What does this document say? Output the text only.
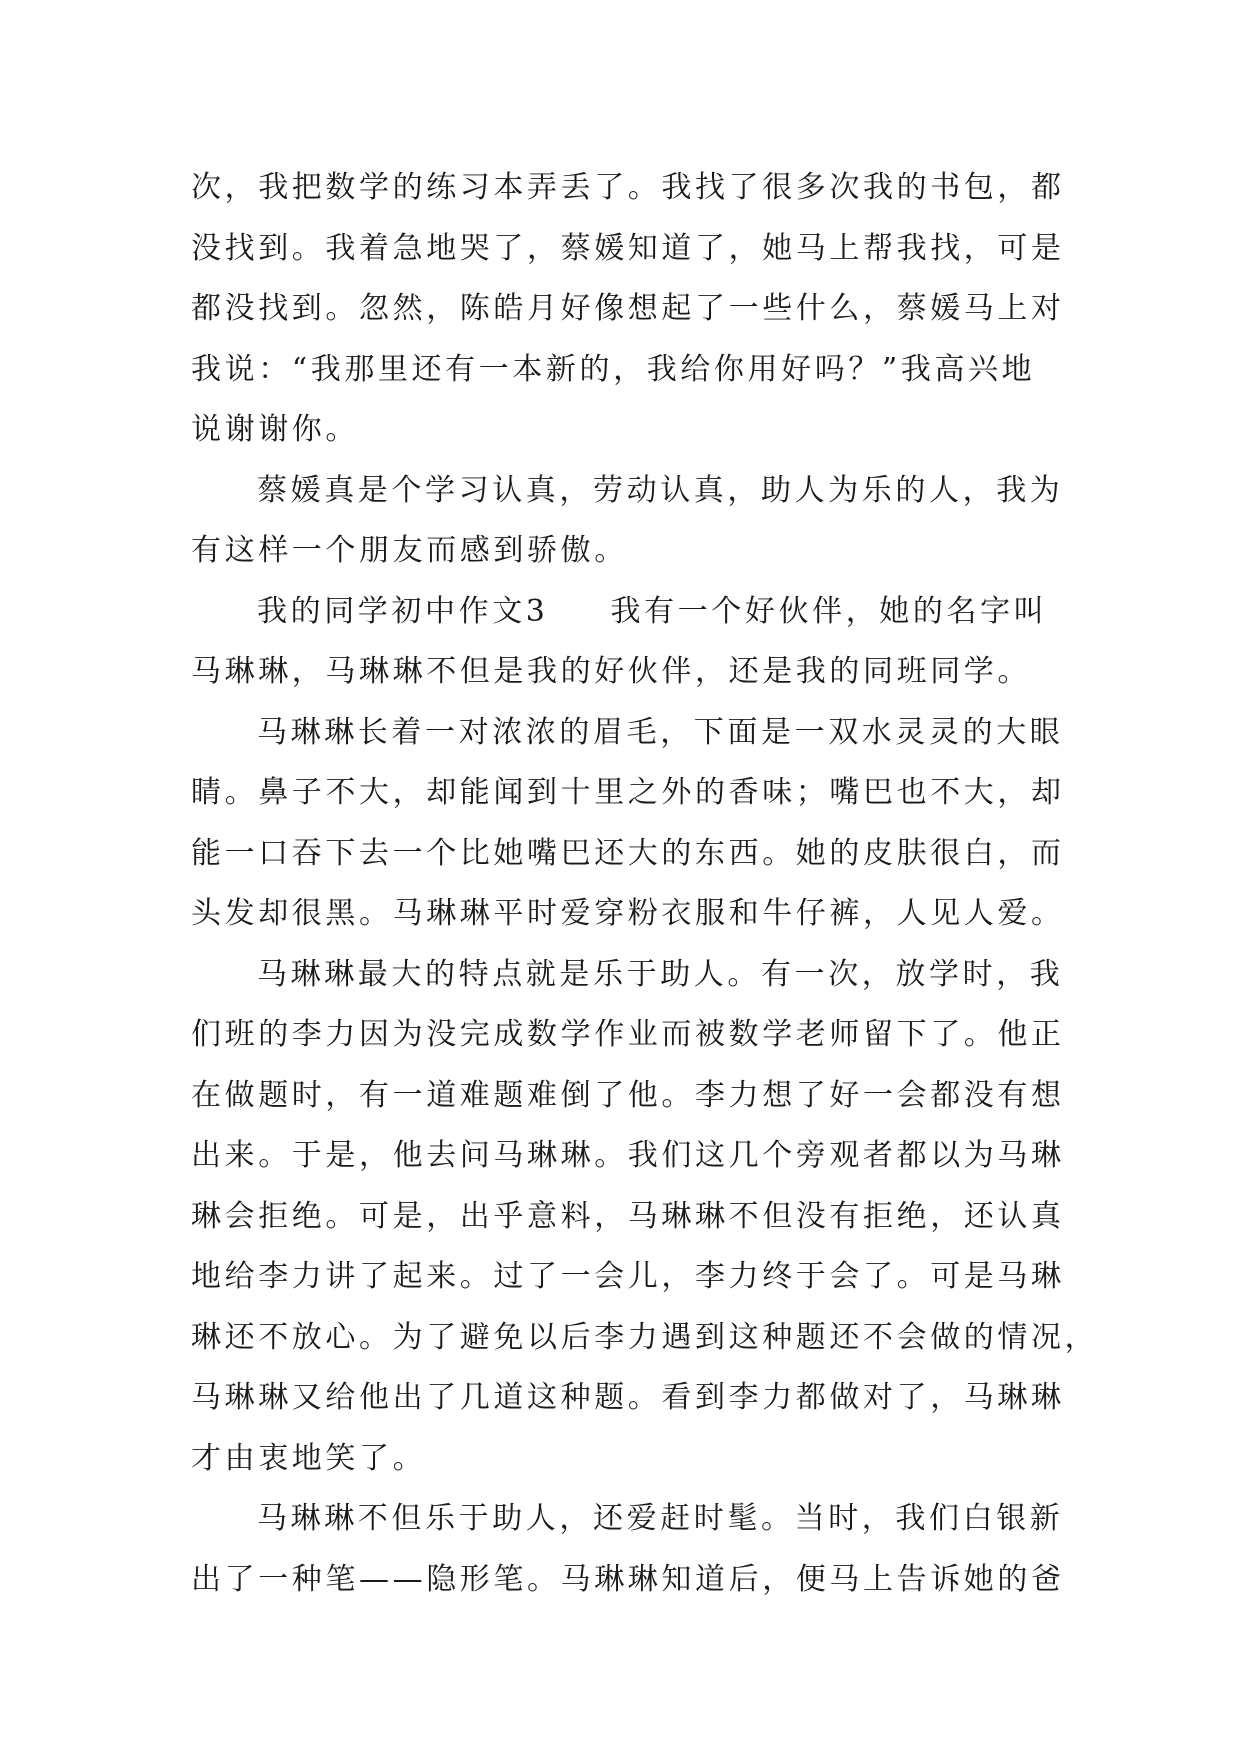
次，我把数学的练习本弄丢了。我找了很多次我的书包，都
没找到。我着急地哭了，蔡媛知道了，她马上帮我找，可是
都没找到。忽然，陈皓月好像想起了一些什么，蔡媛马上对
我说：“我那里还有一本新的，我给你用好吗？”我高兴地
说谢谢你。
蔡媛真是个学习认真，劳动认真，助人为乐的人，我为
有这样一个朋友而感到骄傲。
我的同学初中作文3 我有一个好伙伴，她的名字叫
马琳琳，马琳琳不但是我的好伙伴，还是我的同班同学。
马琳琳长着一对浓浓的眉毛，下面是一双水灵灵的大眼
睛。鼻子不大，却能闻到十里之外的香味；嘴巴也不大，却
能一口吞下去一个比她嘴巴还大的东西。她的皮肤很白，而
头发却很黑。马琳琳平时爱穿粉衣服和牛仔裤，人见人爱。
马琳琳最大的特点就是乐于助人。有一次，放学时，我
们班的李力因为没完成数学作业而被数学老师留下了。他正
在做题时，有一道难题难倒了他。李力想了好一会都没有想
出来。于是，他去问马琳琳。我们这几个旁观者都以为马琳
琳会拒绝。可是，出乎意料，马琳琳不但没有拒绝，还认真
地给李力讲了起来。过了一会儿，李力终于会了。可是马琳
琳还不放心。为了避免以后李力遇到这种题还不会做的情况，
马琳琳又给他出了几道这种题。看到李力都做对了，马琳琳
才由衷地笑了。
马琳琳不但乐于助人，还爱赶时髦。当时，我们白银新
出了一种笔——隐形笔。马琳琳知道后，便马上告诉她的爸
